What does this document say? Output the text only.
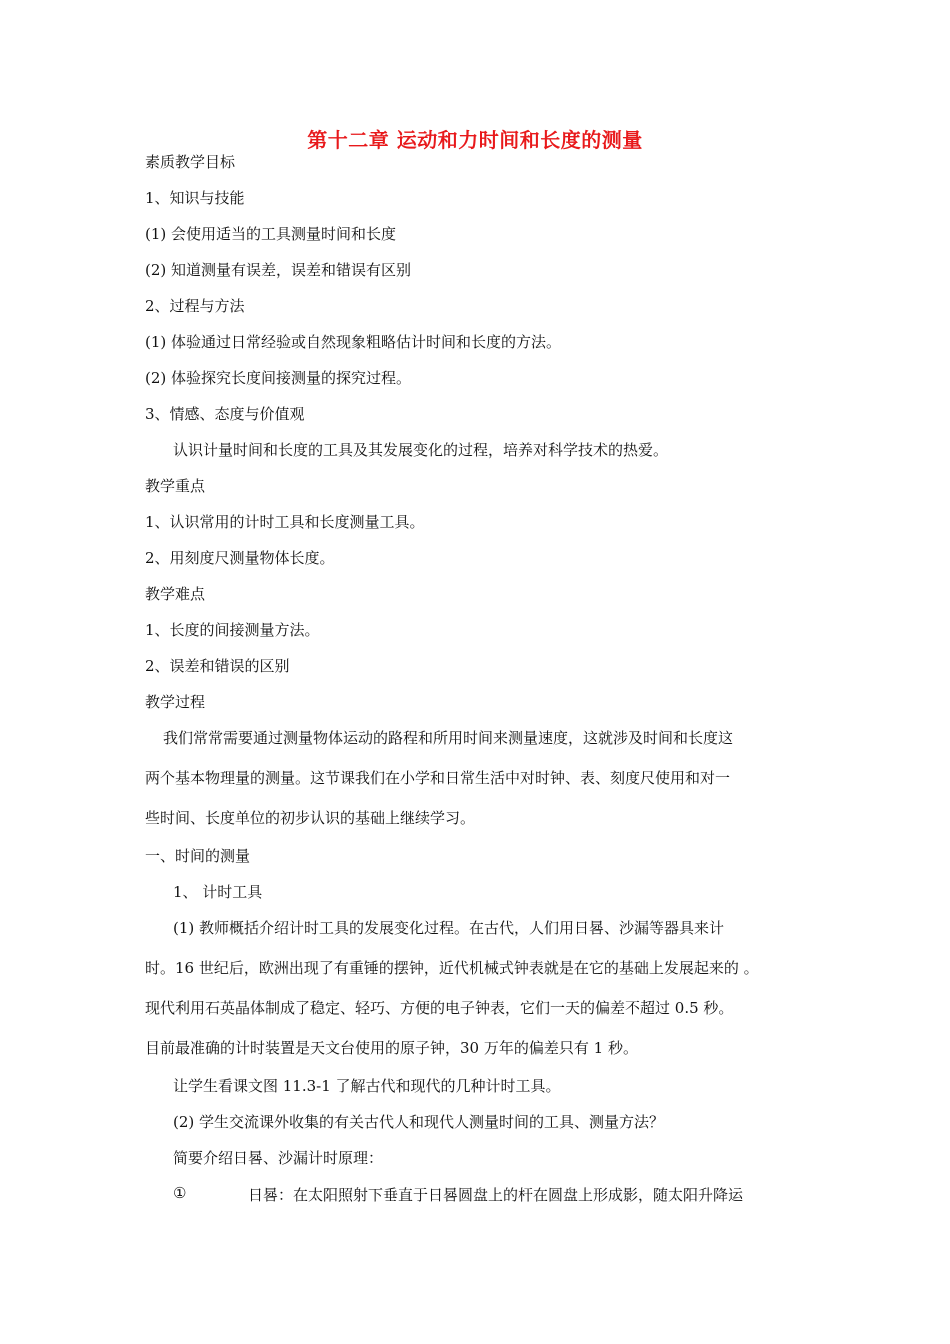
第十二章 运动和力时间和长度的测量
素质教学目标
1、知识与技能
(1) 会使用适当的工具测量时间和长度
(2) 知道测量有误差，误差和错误有区别
2、过程与方法
(1) 体验通过日常经验或自然现象粗略估计时间和长度的方法。
(2) 体验探究长度间接测量的探究过程。
3、情感、态度与价值观
认识计量时间和长度的工具及其发展变化的过程，培养对科学技术的热爱。
教学重点
1、认识常用的计时工具和长度测量工具。
2、用刻度尺测量物体长度。
教学难点
1、长度的间接测量方法。
2、误差和错误的区别
教学过程
我们常常需要通过测量物体运动的路程和所用时间来测量速度，这就涉及时间和长度这
两个基本物理量的测量。这节课我们在小学和日常生活中对时钟、表、刻度尺使用和对一
些时间、长度单位的初步认识的基础上继续学习。
一、时间的测量
1、 计时工具
(1) 教师概括介绍计时工具的发展变化过程。在古代，人们用日晷、沙漏等器具来计
时。16 世纪后，欧洲出现了有重锤的摆钟，近代机械式钟表就是在它的基础上发展起来的 。
现代利用石英晶体制成了稳定、轻巧、方便的电子钟表，它们一天的偏差不超过 0.5 秒。
目前最准确的计时装置是天文台使用的原子钟，30 万年的偏差只有 1 秒。
让学生看课文图 11.3-1 了解古代和现代的几种计时工具。
(2) 学生交流课外收集的有关古代人和现代人测量时间的工具、测量方法？
简要介绍日晷、沙漏计时原理：
①	日晷：在太阳照射下垂直于日晷圆盘上的杆在圆盘上形成影，随太阳升降运
